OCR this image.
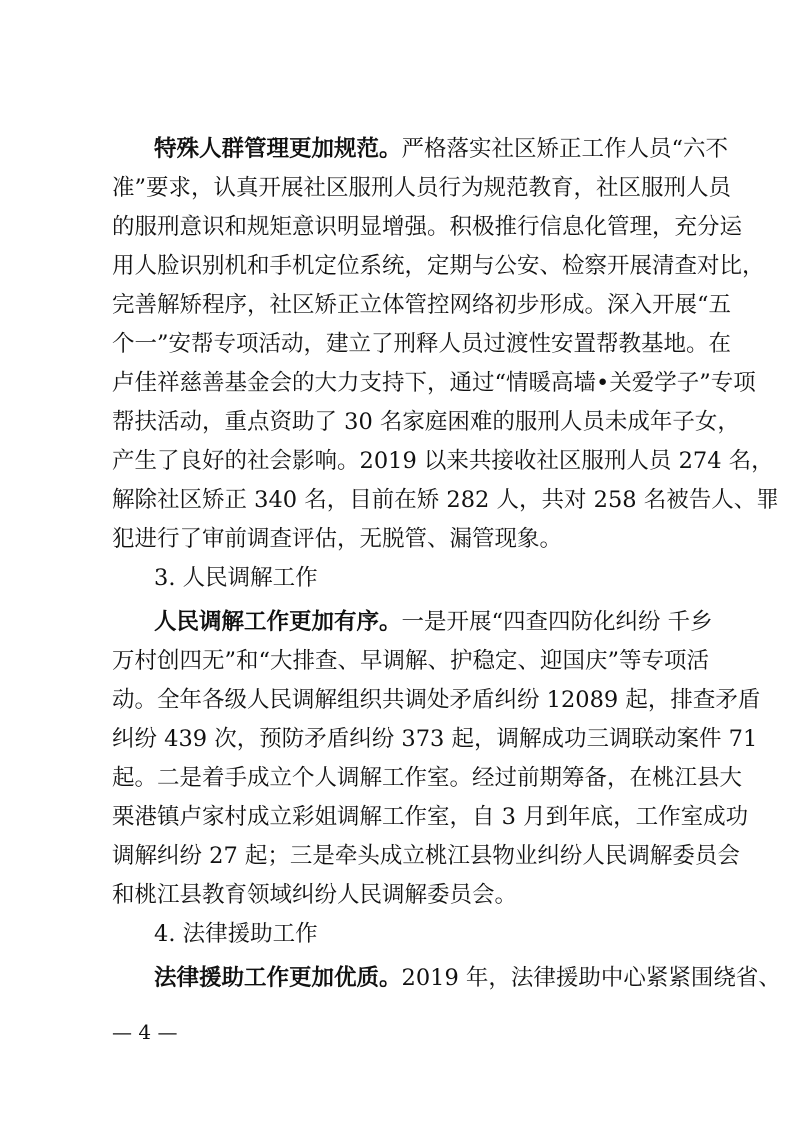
特殊人群管理更加规范。严格落实社区矫正工作人员“六不
准”要求，认真开展社区服刑人员行为规范教育，社区服刑人员
的服刑意识和规矩意识明显增强。积极推行信息化管理，充分运
用人脸识别机和手机定位系统，定期与公安、检察开展清查对比，
完善解矫程序，社区矫正立体管控网络初步形成。深入开展“五
个一”安帮专项活动，建立了刑释人员过渡性安置帮教基地。在
卢佳祥慈善基金会的大力支持下，通过“情暖高墙•关爱学子”专项
帮扶活动，重点资助了 30 名家庭困难的服刑人员未成年子女，
产生了良好的社会影响。2019 以来共接收社区服刑人员 274 名，
解除社区矫正 340 名，目前在矫 282 人，共对 258 名被告人、罪
犯进行了审前调查评估，无脱管、漏管现象。
3. 人民调解工作
人民调解工作更加有序。一是开展“四查四防化纠纷 千乡
万村创四无”和“大排查、早调解、护稳定、迎国庆”等专项活
动。全年各级人民调解组织共调处矛盾纠纷 12089 起，排查矛盾
纠纷 439 次，预防矛盾纠纷 373 起，调解成功三调联动案件 71
起。二是着手成立个人调解工作室。经过前期筹备，在桃江县大
栗港镇卢家村成立彩姐调解工作室，自 3 月到年底，工作室成功
调解纠纷 27 起；三是牵头成立桃江县物业纠纷人民调解委员会
和桃江县教育领域纠纷人民调解委员会。
4. 法律援助工作
法律援助工作更加优质。2019 年，法律援助中心紧紧围绕省、
— 4 —
